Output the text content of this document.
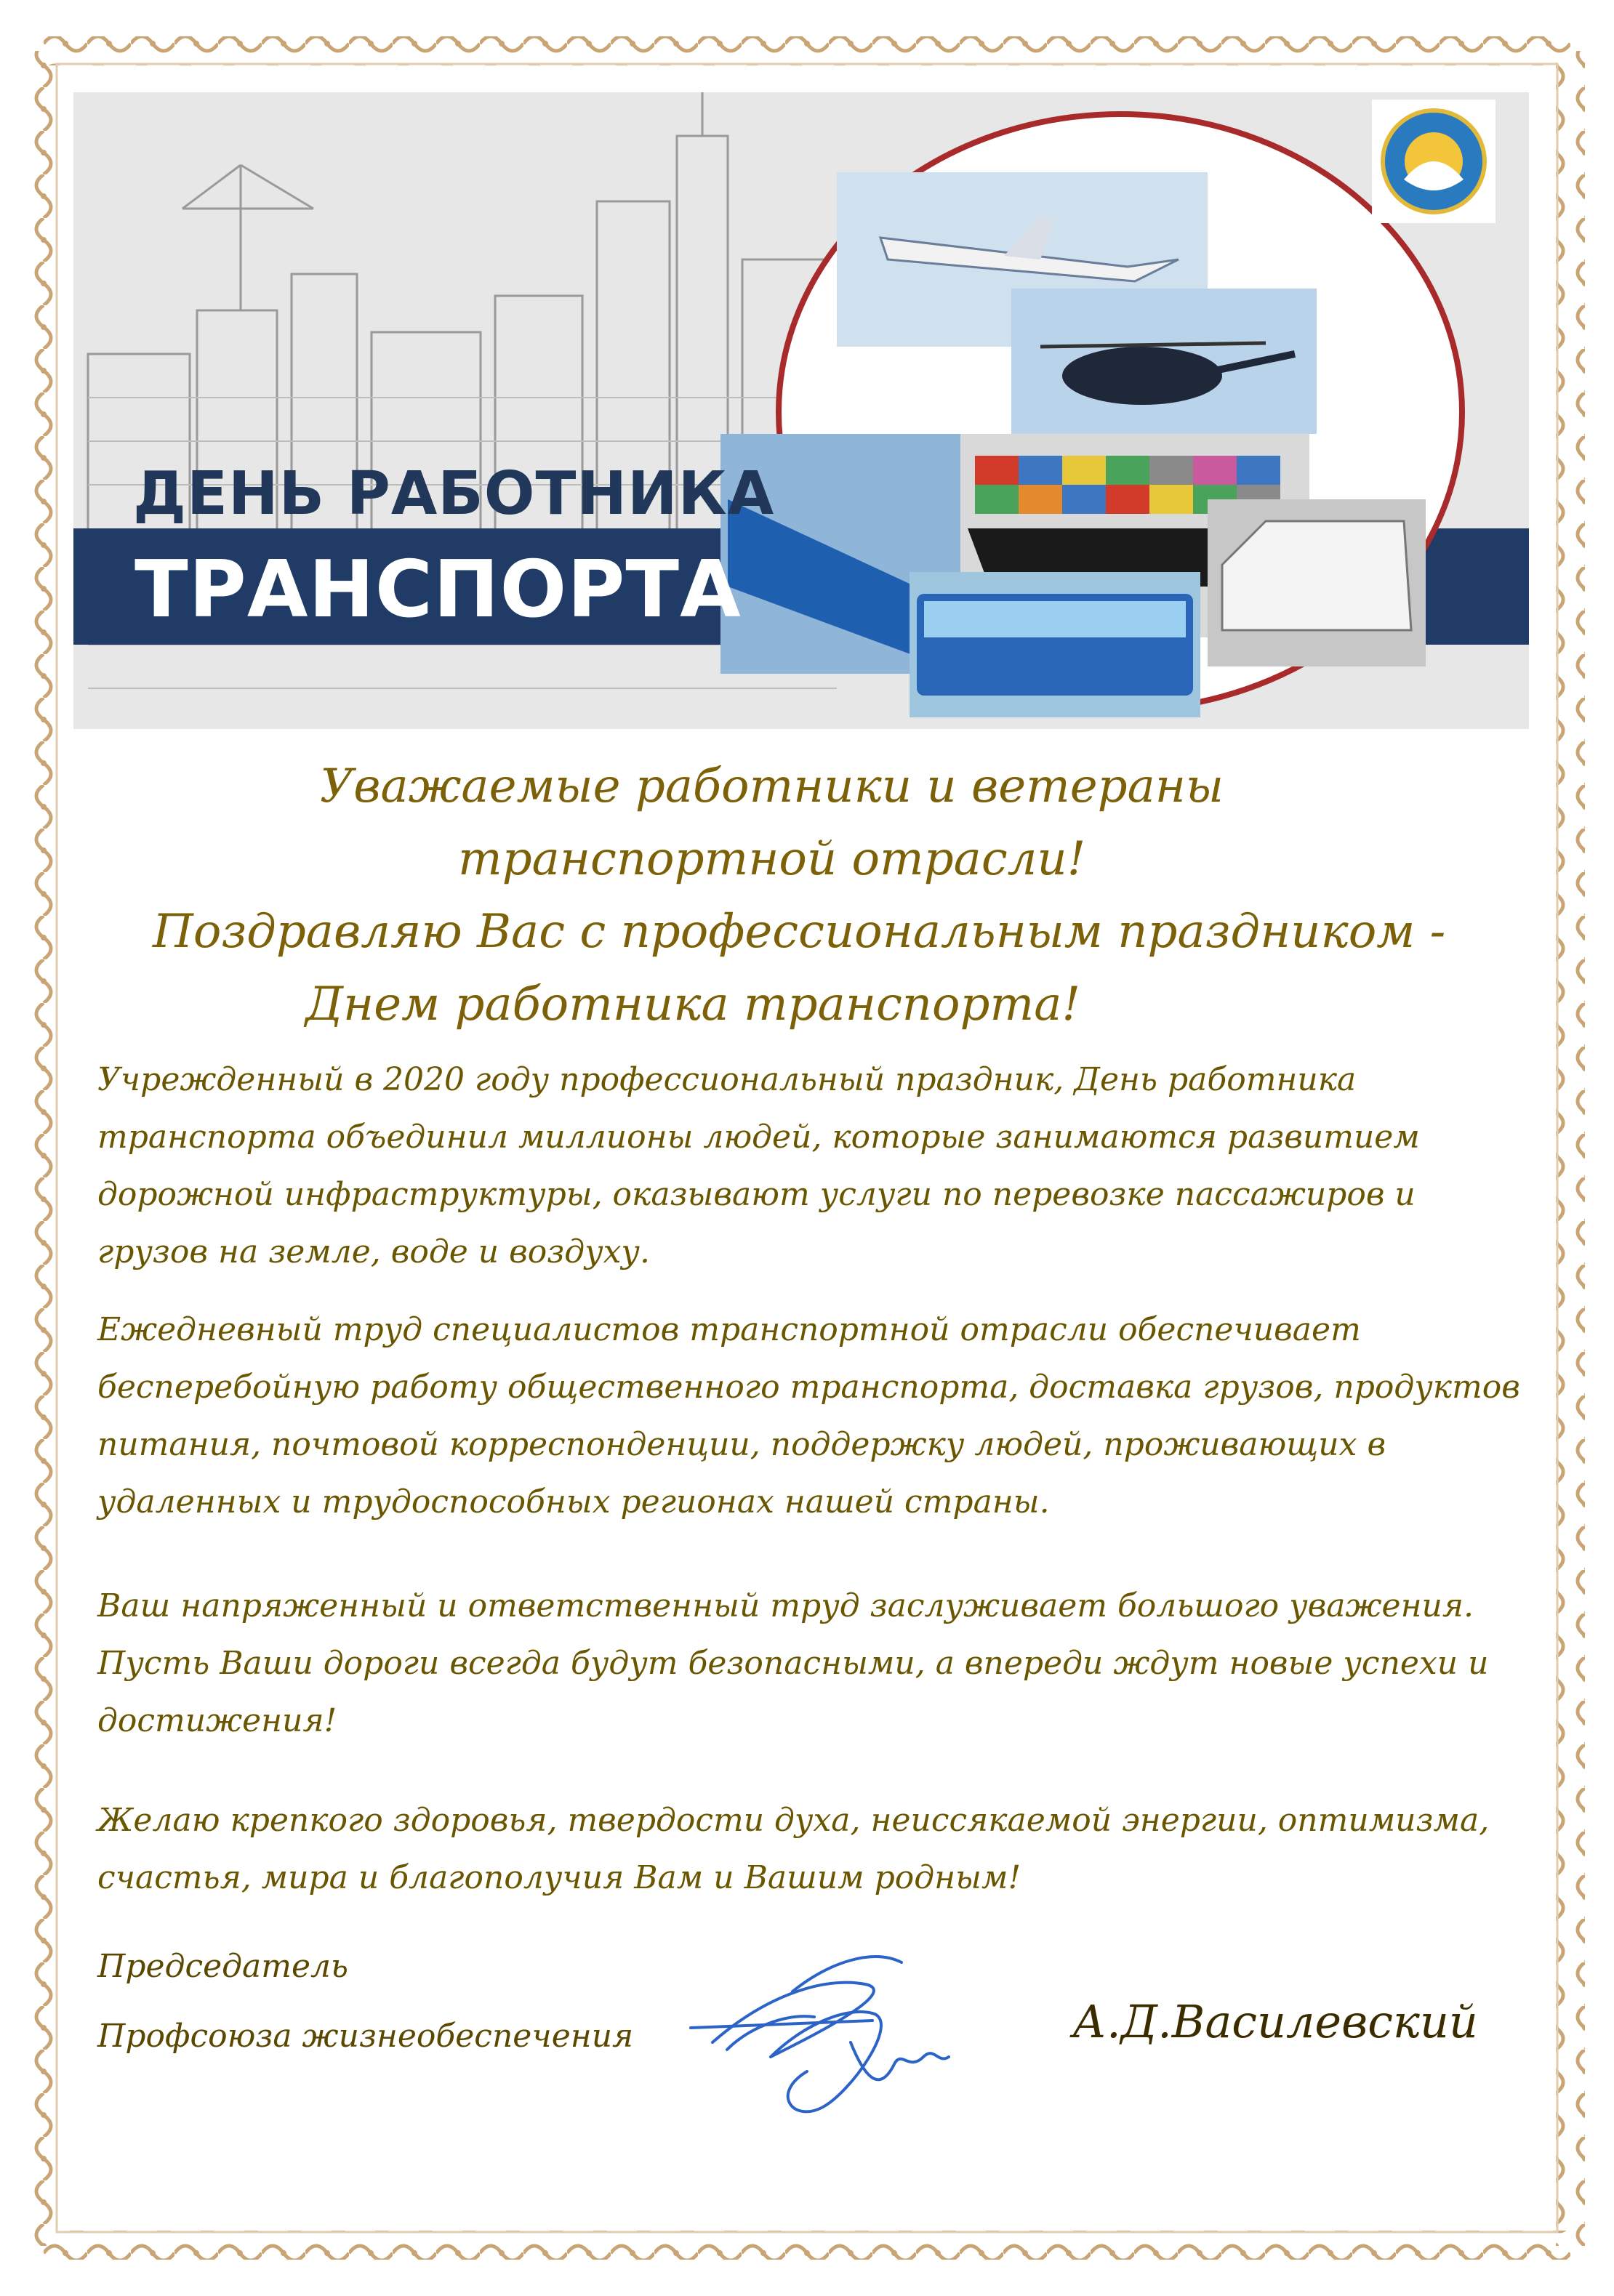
ДЕНЬ РАБОТНИКА
ТРАНСПОРТА
Уважаемые работники и ветераны
транспортной отрасли!
Поздравляю Вас с профессиональным праздником -
Днем работника транспорта!
Учрежденный в 2020 году профессиональный праздник, День работника
транспорта объединил миллионы людей, которые занимаются развитием
дорожной инфраструктуры, оказывают услуги по перевозке пассажиров и
грузов на земле, воде и воздуху.
Ежедневный труд специалистов транспортной отрасли обеспечивает
бесперебойную работу общественного транспорта, доставка грузов, продуктов
питания, почтовой корреспонденции, поддержку людей, проживающих в
удаленных и трудоспособных регионах нашей страны.
Ваш напряженный и ответственный труд заслуживает большого уважения.
Пусть Ваши дороги всегда будут безопасными, а впереди ждут новые успехи и
достижения!
Желаю крепкого здоровья, твердости духа, неиссякаемой энергии, оптимизма,
счастья, мира и благополучия Вам и Вашим родным!
Председатель
Профсоюза жизнеобеспечения	А.Д.Василевский
